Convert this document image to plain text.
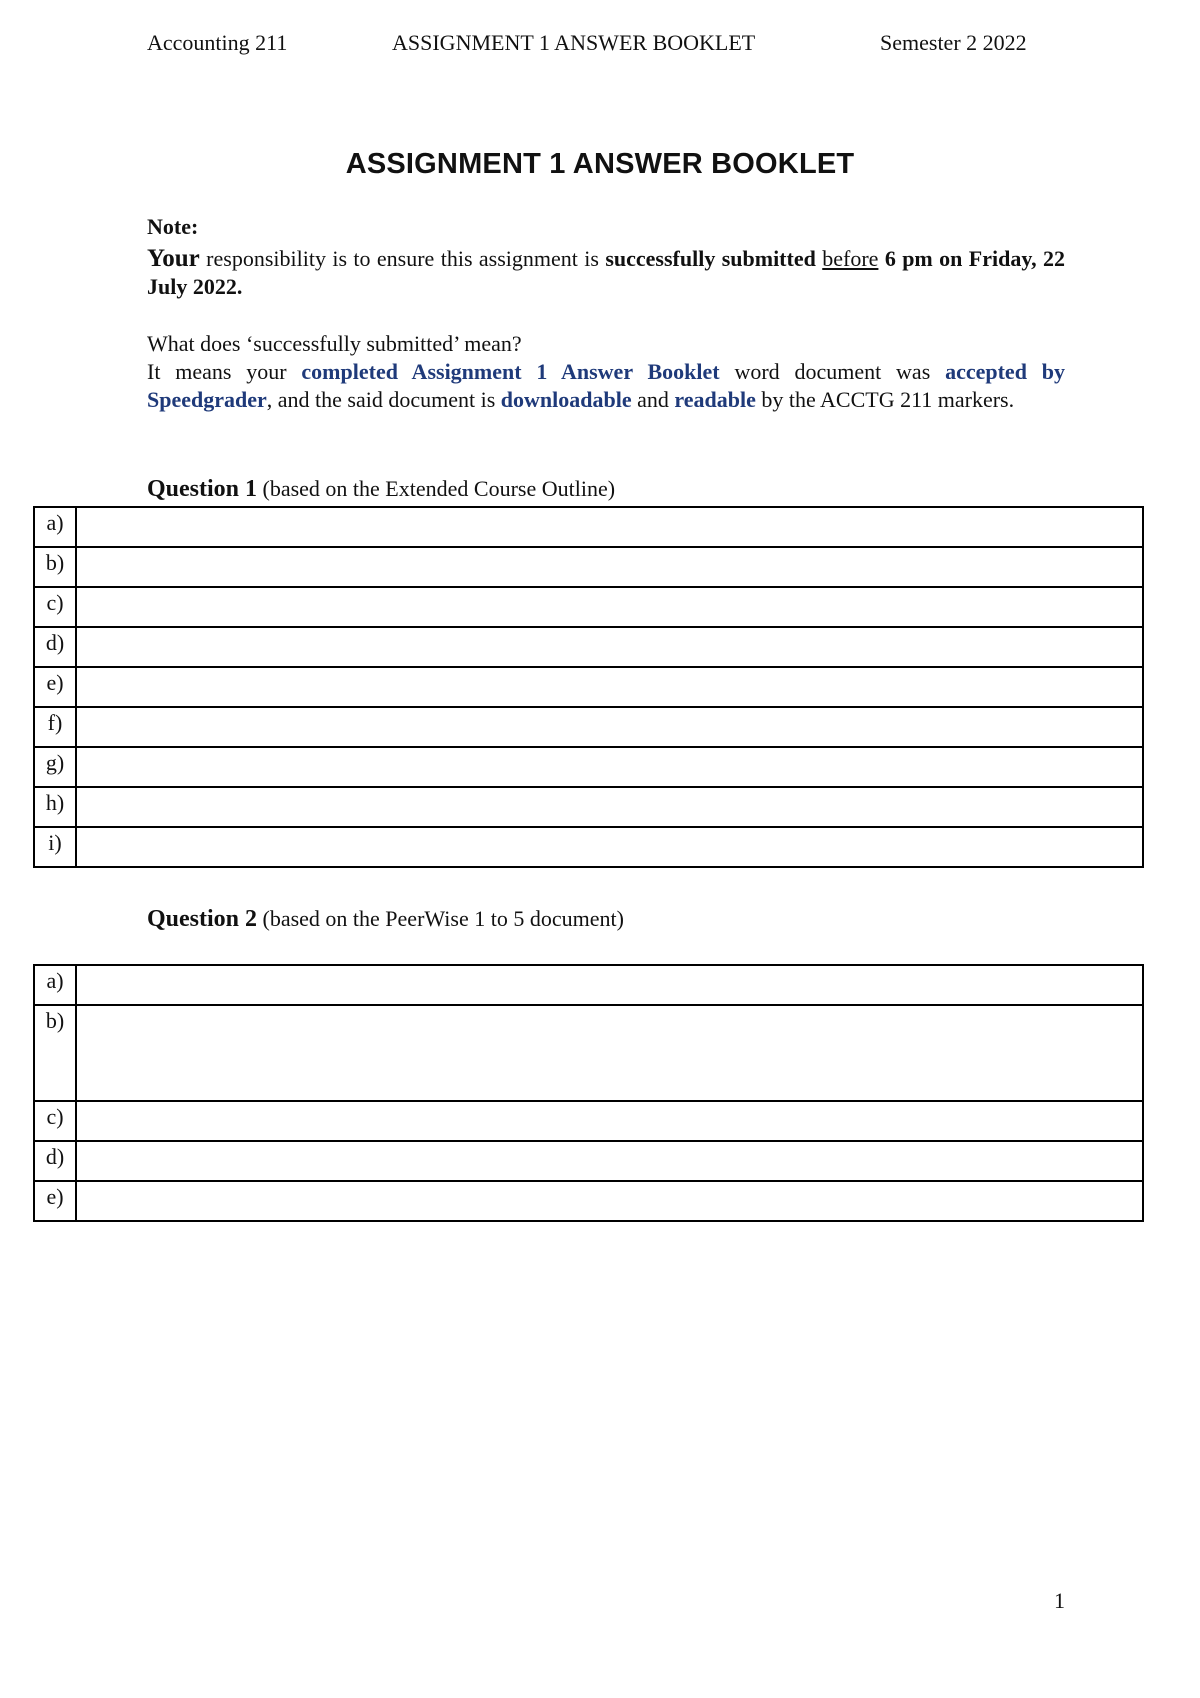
Accounting 211	ASSIGNMENT 1 ANSWER BOOKLET	Semester 2 2022
ASSIGNMENT 1 ANSWER BOOKLET
Note:
Your responsibility is to ensure this assignment is successfully submitted before 6 pm on Friday, 22 July 2022.
What does ‘successfully submitted’ mean?
It means your completed Assignment 1 Answer Booklet word document was accepted by Speedgrader, and the said document is downloadable and readable by the ACCTG 211 markers.
Question 1 (based on the Extended Course Outline)
a)	
b)	
c)	
d)	
e)	
f)	
g)	
h)	
i)	
Question 2 (based on the PeerWise 1 to 5 document)
a)	
b)	
c)	
d)	
e)	
1
